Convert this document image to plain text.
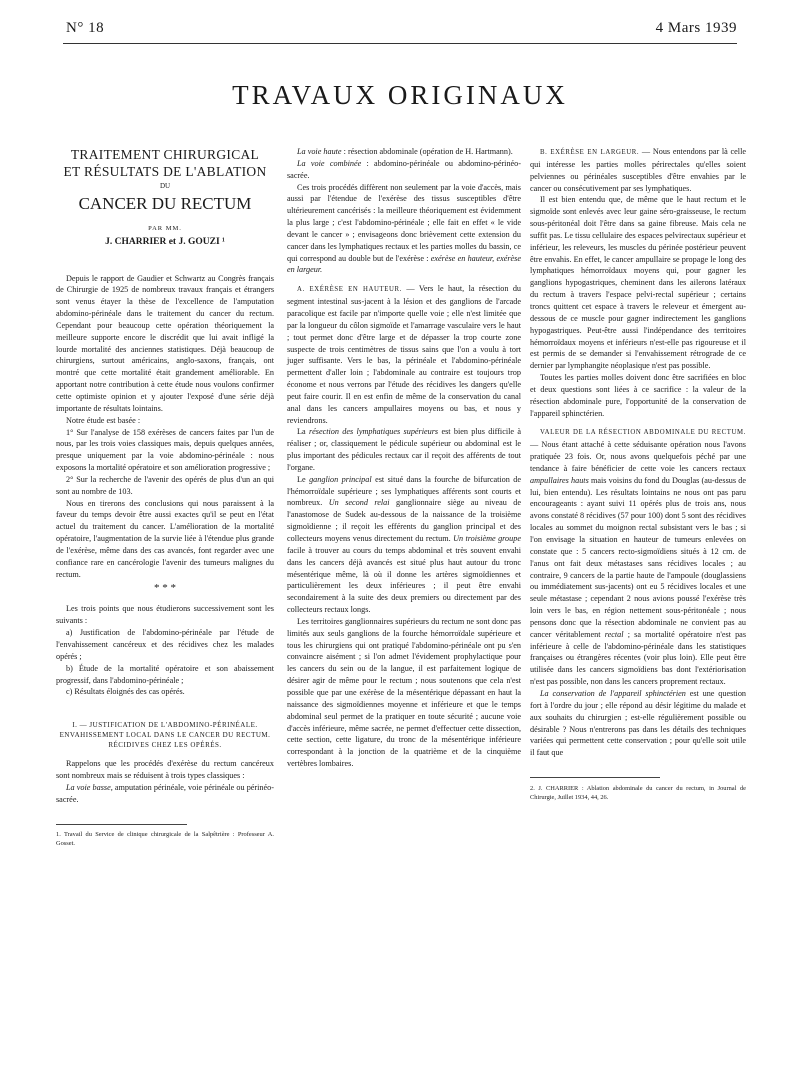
N° 18	4 Mars 1939
TRAVAUX ORIGINAUX
TRAITEMENT CHIRURGICAL
ET RÉSULTATS DE L'ABLATION
DU
CANCER DU RECTUM
PAR MM.
J. CHARRIER et J. GOUZI ¹

Depuis le rapport de Gaudier et Schwartz au Congrès français de Chirurgie de 1925 de nombreux travaux français et étrangers sont venus étayer la thèse de l'excellence de l'amputation abdomino-périnéale dans le traitement du cancer du rectum. Cependant pour beaucoup cette opération théoriquement la meilleure supporte encore le discrédit que lui avait infligé la lourde mortalité des anciennes statistiques. Déjà beaucoup de chirurgiens, surtout américains, anglo-saxons, français, ont montré que cette mortalité était grandement améliorable. En apportant notre contribution à cette étude nous voulons confirmer cette optimiste opinion et y ajouter l'exposé d'une série déjà importante de résultats lointains.

Notre étude est basée :

1° Sur l'analyse de 158 exérèses de cancers faites par l'un de nous, par les trois voies classiques mais, depuis quelques années, presque uniquement par la voie abdomino-périnéale : nous exposons la mortalité opératoire et son amélioration progressive ;

2° Sur la recherche de l'avenir des opérés de plus d'un an qui sont au nombre de 103.

Nous en tirerons des conclusions qui nous paraissent à la faveur du temps devoir être aussi exactes qu'il se peut en l'état actuel du traitement du cancer. L'amélioration de la mortalité opératoire, l'augmentation de la survie liée à l'étendue plus grande de l'exérèse, même dans des cas avancés, font regarder avec une confiance rare en cancérologie l'avenir des tumeurs malignes du rectum.

* * *

Les trois points que nous étudierons successivement sont les suivants :

a) Justification de l'abdomino-périnéale par l'étude de l'envahissement cancéreux et des récidives chez les malades opérés ;

b) Étude de la mortalité opératoire et son abaissement progressif, dans l'abdomino-périnéale ;

c) Résultats éloignés des cas opérés.

I. — JUSTIFICATION DE L'ABDOMINO-PÉRINÉALE.
ENVAHISSEMENT LOCAL DANS LE CANCER DU RECTUM.
RÉCIDIVES CHEZ LES OPÉRÉS.

Rappelons que les procédés d'exérèse du rectum cancéreux sont nombreux mais se réduisent à trois types classiques :

La voie basse, amputation périnéale, voie périnéale ou périnéo-sacrée.

1. Travail du Service de clinique chirurgicale de la Salpêtrière : Professeur A. Gosset.

La voie haute : résection abdominale (opération de H. Hartmann).

La voie combinée : abdomino-périnéale ou abdomino-périnéo-sacrée.

Ces trois procédés diffèrent non seulement par la voie d'accès, mais aussi par l'étendue de l'exérèse des tissus susceptibles d'être ultérieurement cancérisés : la meilleure théoriquement est évidemment la plus large ; c'est l'abdomino-périnéale ; elle fait en effet « le vide devant le cancer » ; envisageons donc brièvement cette extension du cancer dans les lymphatiques rectaux et les parties molles du bassin, ce qui correspond au double but de l'exérèse : exérèse en hauteur, exérèse en largeur.

A. EXÉRÈSE EN HAUTEUR. — Vers le haut, la résection du segment intestinal sus-jacent à la lésion et des ganglions de l'arcade paracolique est facile par n'importe quelle voie ; elle n'est limitée que par la longueur du côlon sigmoïde et l'amarrage vasculaire vers le haut ; tout permet donc d'être large et de dépasser la trop courte zone suspecte de trois centimètres de tissus sains que l'on a voulu à tort juger suffisante. Vers le bas, la périnéale et l'abdomino-périnéale permettent d'aller loin ; l'abdominale au contraire est toujours trop économe et nous verrons par l'étude des récidives les dangers qu'elle peut faire courir. Il en est enfin de même de la conservation du canal anal dans les cancers ampullaires moyens ou bas, et nous y reviendrons.

La résection des lymphatiques supérieurs est bien plus difficile à réaliser ; or, classiquement le pédicule supérieur ou abdominal est le plus important des pédicules rectaux car il reçoit des afférents de tout l'organe.

Le ganglion principal est situé dans la fourche de bifurcation de l'hémorroïdale supérieure ; ses lymphatiques afférents sont courts et nombreux. Un second relai ganglionnaire siège au niveau de l'anastomose de Sudek au-dessous de la naissance de la troisième sigmoïdienne ; il reçoit les efférents du ganglion principal et des collecteurs moyens venus directement du rectum. Un troisième groupe facile à trouver au cours du temps abdominal et très souvent envahi dans les cancers déjà avancés est situé plus haut autour du tronc mésentérique même, là où il donne les artères sigmoïdiennes et particulièrement les deux inférieures ; il peut être envahi secondairement à la suite des deux premiers ou directement par des collecteurs rectaux longs.

Les territoires ganglionnaires supérieurs du rectum ne sont donc pas limités aux seuls ganglions de la fourche hémorroïdale supérieure et tous les chirurgiens qui ont pratiqué l'abdomino-périnéale ont pu s'en convaincre aisément ; si l'on admet l'évidement prophylactique pour les cancers du sein ou de la langue, il est parfaitement logique de désirer agir de même pour le rectum ; nous soutenons que cela n'est possible que par une exérèse de la mésentérique dépassant en haut la naissance des sigmoïdiennes moyenne et inférieure et que le temps abdominal seul permet de la pratiquer en toute sécurité ; aucune voie d'accès inférieure, même sacrée, ne permet d'effectuer cette dissection, cette section, cette ligature, du tronc de la mésentérique inférieure correspondant à la jonction de la quatrième et de la cinquième vertèbres lombaires.

B. EXÉRÈSE EN LARGEUR. — Nous entendons par là celle qui intéresse les parties molles périrectales qu'elles soient pelviennes ou périnéales susceptibles d'être envahies par le cancer ou consécutivement par ses lymphatiques.

Il est bien entendu que, de même que le haut rectum et le sigmoïde sont enlevés avec leur gaine séro-graisseuse, le rectum sous-péritonéal doit l'être dans sa gaine fibreuse. Mais cela ne suffit pas. Le tissu cellulaire des espaces pelvirectaux supérieur et inférieur, les releveurs, les muscles du périnée postérieur peuvent être envahis. En effet, le cancer ampullaire se propage le long des lymphatiques hémorroïdaux moyens qui, pour gagner les ganglions hypogastriques, cheminent dans les ailerons latéraux du rectum à travers l'espace pelvi-rectal supérieur ; certains troncs quittent cet espace à travers le releveur et émergent au-dessous de ce muscle pour gagner indirectement les ganglions hypogastriques. Peut-être aussi l'indépendance des territoires hémorroïdaux moyens et inférieurs n'est-elle pas rigoureuse et il est permis de se demander si l'envahissement rétrograde de ce dernier par lymphangite néoplasique n'est pas possible.

Toutes les parties molles doivent donc être sacrifiées en bloc et deux questions sont liées à ce sacrifice : la valeur de la résection abdominale pure, l'opportunité de la conservation de l'appareil sphinctérien.

VALEUR DE LA RÉSECTION ABDOMINALE DU RECTUM. — Nous étant attaché à cette séduisante opération nous l'avons pratiquée 23 fois. Or, nous avons quelquefois péché par une tendance à faire bénéficier de cette voie les cancers rectaux ampullaires hauts mais voisins du fond du Douglas (au-dessus de lui, bien entendu). Les résultats lointains ne nous ont pas paru encourageants : ayant suivi 11 opérés plus de trois ans, nous avons constaté 8 récidives (57 pour 100) dont 5 sont des récidives locales au sommet du moignon rectal subsistant vers le bas ; si l'on envisage la situation en hauteur de tumeurs enlevées on constate que : 5 cancers recto-sigmoïdiens situés à 12 cm. de l'anus ont fait deux métastases sans récidives locales ; au contraire, 9 cancers de la partie haute de l'ampoule (douglassiens ou immédiatement sus-jacents) ont eu 5 récidives locales et une seule métastase ; cependant 2 nous avions poussé l'exérèse très loin vers le bas, en région nettement sous-péritonéale ; nous pensons donc que la résection abdominale ne convient pas au cancer véritablement rectal ; sa mortalité opératoire n'est pas inférieure à celle de l'abdomino-périnéale dans les statistiques françaises ou étrangères récentes (voir plus loin). Elle peut être utilisée dans les cancers sigmoïdiens bas dont l'extériorisation n'est pas possible, non dans les cancers proprement rectaux.

La conservation de l'appareil sphinctérien est une question fort à l'ordre du jour ; elle répond au désir légitime du malade et aux souhaits du chirurgien ; est-elle régulièrement possible ou désirable ? Nous n'entrerons pas dans les détails des techniques variées qui permettent cette conservation ; pour qu'elle soit utile il faut que

2. J. CHARRIER : Ablation abdominale du cancer du rectum, in Journal de Chirurgie, Juillet 1934, 44, 26.
